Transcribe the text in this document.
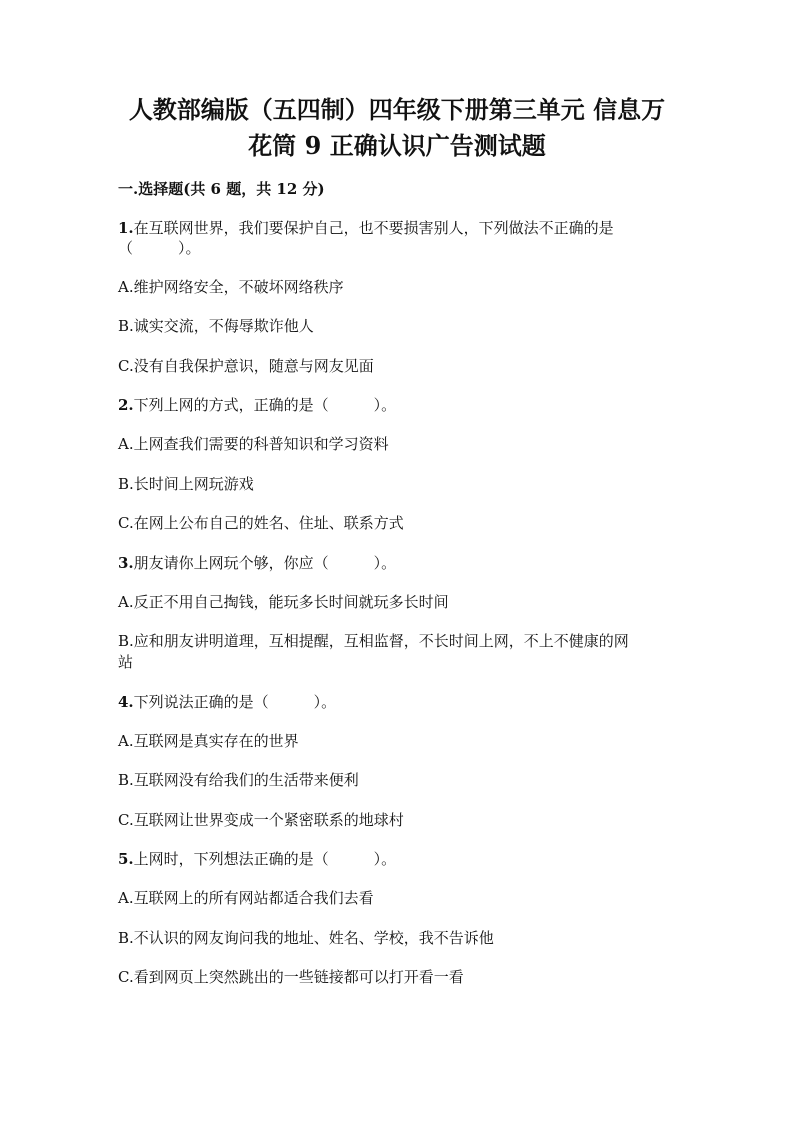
人教部编版（五四制）四年级下册第三单元 信息万
花筒 9 正确认识广告测试题
一.选择题(共 6 题，共 12 分)
1.在互联网世界，我们要保护自己，也不要损害别人，下列做法不正确的是
（　　　）。
A.维护网络安全，不破坏网络秩序
B.诚实交流，不侮辱欺诈他人
C.没有自我保护意识，随意与网友见面
2.下列上网的方式，正确的是（　　　）。
A.上网查我们需要的科普知识和学习资料
B.长时间上网玩游戏
C.在网上公布自己的姓名、住址、联系方式
3.朋友请你上网玩个够，你应（　　　）。
A.反正不用自己掏钱，能玩多长时间就玩多长时间
B.应和朋友讲明道理，互相提醒，互相监督，不长时间上网，不上不健康的网
站
4.下列说法正确的是（　　　）。
A.互联网是真实存在的世界
B.互联网没有给我们的生活带来便利
C.互联网让世界变成一个紧密联系的地球村
5.上网时，下列想法正确的是（　　　）。
A.互联网上的所有网站都适合我们去看
B.不认识的网友询问我的地址、姓名、学校，我不告诉他
C.看到网页上突然跳出的一些链接都可以打开看一看
